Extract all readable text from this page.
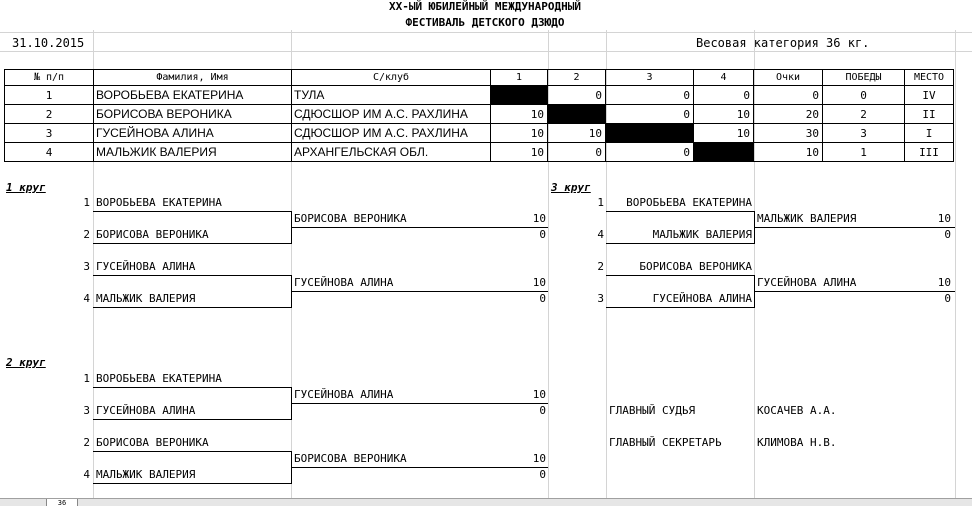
XX-ЫЙ ЮБИЛЕЙНЫЙ МЕЖДУНАРОДНЫЙ
ФЕСТИВАЛЬ ДЕТСКОГО ДЗЮДО
31.10.2015	Весовая категория 36 кг.
№ п/п	Фамилия, Имя	С/клуб	1	2	3	4	Очки	ПОБЕДЫ	МЕСТО
1	ВОРОБЬЕВА ЕКАТЕРИНА	ТУЛА		0	0	0	0	0	IV
2	БОРИСОВА ВЕРОНИКА	СДЮСШОР ИМ А.С. РАХЛИНА	10		0	10	20	2	II
3	ГУСЕЙНОВА АЛИНА	СДЮСШОР ИМ А.С. РАХЛИНА	10	10		10	30	3	I
4	МАЛЬЖИК ВАЛЕРИЯ	АРХАНГЕЛЬСКАЯ ОБЛ.	10	0	0		10	1	III
1 круг
1 ВОРОБЬЕВА ЕКАТЕРИНА
БОРИСОВА ВЕРОНИКА	10
0
2 БОРИСОВА ВЕРОНИКА
3 ГУСЕЙНОВА АЛИНА
ГУСЕЙНОВА АЛИНА	10
0
4 МАЛЬЖИК ВАЛЕРИЯ
3 круг
1	ВОРОБЬЕВА ЕКАТЕРИНА
МАЛЬЖИК ВАЛЕРИЯ	10
0
4	МАЛЬЖИК ВАЛЕРИЯ
2	БОРИСОВА ВЕРОНИКА
ГУСЕЙНОВА АЛИНА	10
0
3	ГУСЕЙНОВА АЛИНА
2 круг
1 ВОРОБЬЕВА ЕКАТЕРИНА
ГУСЕЙНОВА АЛИНА	10
0
3 ГУСЕЙНОВА АЛИНА
2 БОРИСОВА ВЕРОНИКА
БОРИСОВА ВЕРОНИКА	10
0
4 МАЛЬЖИК ВАЛЕРИЯ
ГЛАВНЫЙ СУДЬЯ	КОСАЧЕВ А.А.
ГЛАВНЫЙ СЕКРЕТАРЬ	КЛИМОВА Н.В.
36
